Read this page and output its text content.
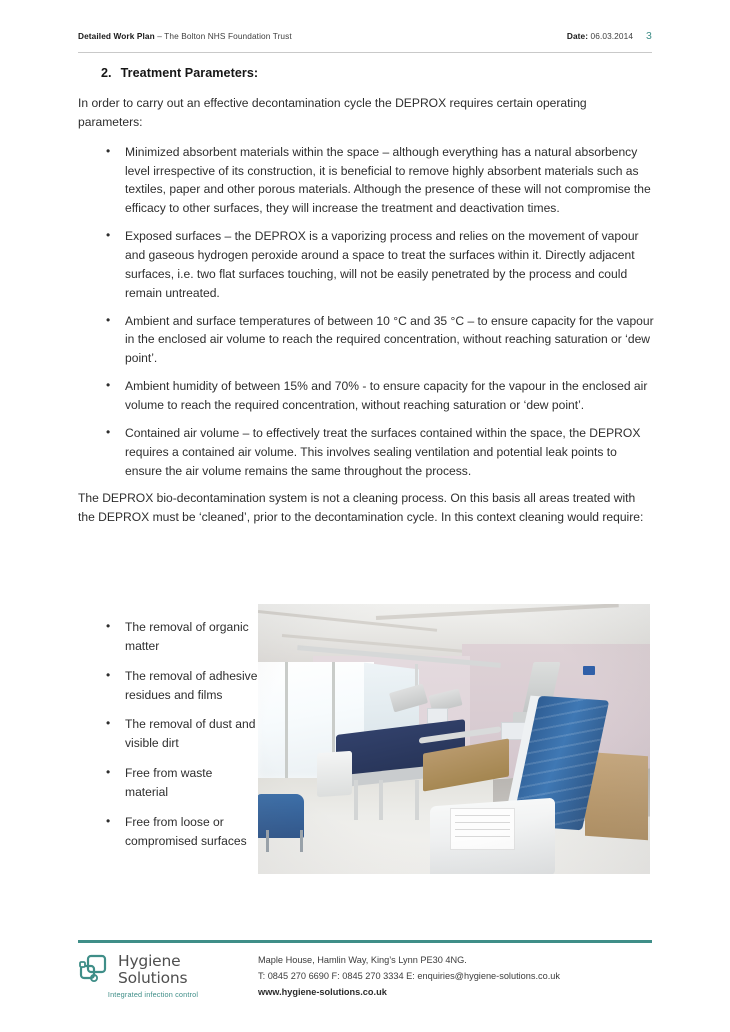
Detailed Work Plan – The Bolton NHS Foundation Trust	Date: 06.03.2014 3
2. Treatment Parameters:

In order to carry out an effective decontamination cycle the DEPROX requires certain operating parameters:

• Minimized absorbent materials within the space – although everything has a natural absorbency level irrespective of its construction, it is beneficial to remove highly absorbent materials such as textiles, paper and other porous materials. Although the presence of these will not compromise the efficacy to other surfaces, they will increase the treatment and deactivation times.
• Exposed surfaces – the DEPROX is a vaporizing process and relies on the movement of vapour and gaseous hydrogen peroxide around a space to treat the surfaces within it. Directly adjacent surfaces, i.e. two flat surfaces touching, will not be easily penetrated by the process and could remain untreated.
• Ambient and surface temperatures of between 10 °C and 35 °C – to ensure capacity for the vapour in the enclosed air volume to reach the required concentration, without reaching saturation or ‘dew point’.
• Ambient humidity of between 15% and 70% - to ensure capacity for the vapour in the enclosed air volume to reach the required concentration, without reaching saturation or ‘dew point’.
• Contained air volume – to effectively treat the surfaces contained within the space, the DEPROX requires a contained air volume. This involves sealing ventilation and potential leak points to ensure the air volume remains the same throughout the process.

The DEPROX bio-decontamination system is not a cleaning process. On this basis all areas treated with the DEPROX must be ‘cleaned’, prior to the decontamination cycle. In this context cleaning would require:

• The removal of organic matter
• The removal of adhesive residues and films
• The removal of dust and visible dirt
• Free from waste material
• Free from loose or compromised surfaces
Hygiene
Solutions
Integrated infection control
Maple House, Hamlin Way, King’s Lynn PE30 4NG.
T: 0845 270 6690 F: 0845 270 3334 E: enquiries@hygiene-solutions.co.uk
www.hygiene-solutions.co.uk
